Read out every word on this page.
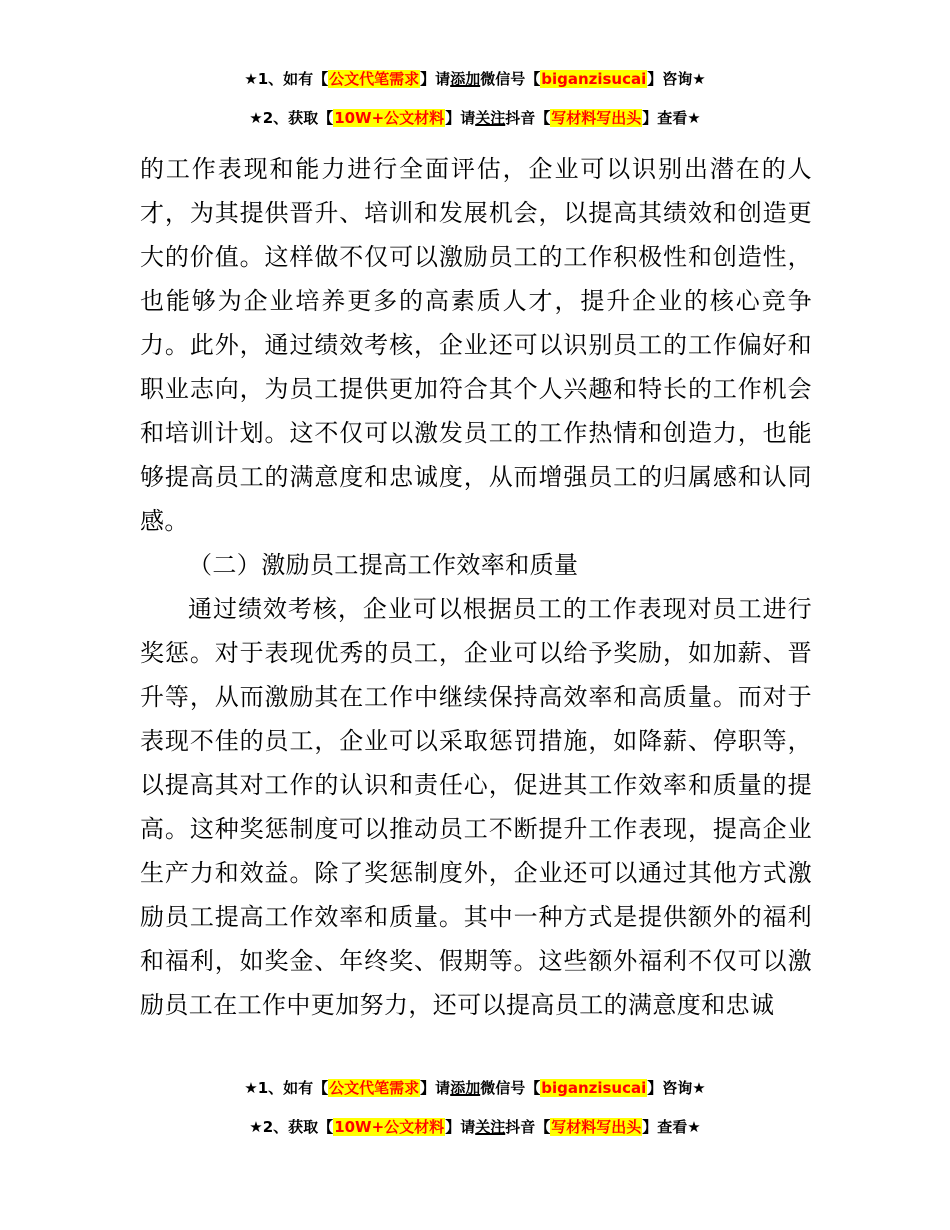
★1、如有【公文代笔需求】请添加微信号【biganzisucai】咨询★
★2、获取【10W+公文材料】请关注抖音【写材料写出头】查看★

的工作表现和能力进行全面评估，企业可以识别出潜在的人才，为其提供晋升、培训和发展机会，以提高其绩效和创造更大的价值。这样做不仅可以激励员工的工作积极性和创造性，也能够为企业培养更多的高素质人才，提升企业的核心竞争力。此外，通过绩效考核，企业还可以识别员工的工作偏好和职业志向，为员工提供更加符合其个人兴趣和特长的工作机会和培训计划。这不仅可以激发员工的工作热情和创造力，也能够提高员工的满意度和忠诚度，从而增强员工的归属感和认同感。

（二）激励员工提高工作效率和质量

通过绩效考核，企业可以根据员工的工作表现对员工进行奖惩。对于表现优秀的员工，企业可以给予奖励，如加薪、晋升等，从而激励其在工作中继续保持高效率和高质量。而对于表现不佳的员工，企业可以采取惩罚措施，如降薪、停职等，以提高其对工作的认识和责任心，促进其工作效率和质量的提高。这种奖惩制度可以推动员工不断提升工作表现，提高企业生产力和效益。除了奖惩制度外，企业还可以通过其他方式激励员工提高工作效率和质量。其中一种方式是提供额外的福利和福利，如奖金、年终奖、假期等。这些额外福利不仅可以激励员工在工作中更加努力，还可以提高员工的满意度和忠诚

★1、如有【公文代笔需求】请添加微信号【biganzisucai】咨询★
★2、获取【10W+公文材料】请关注抖音【写材料写出头】查看★
